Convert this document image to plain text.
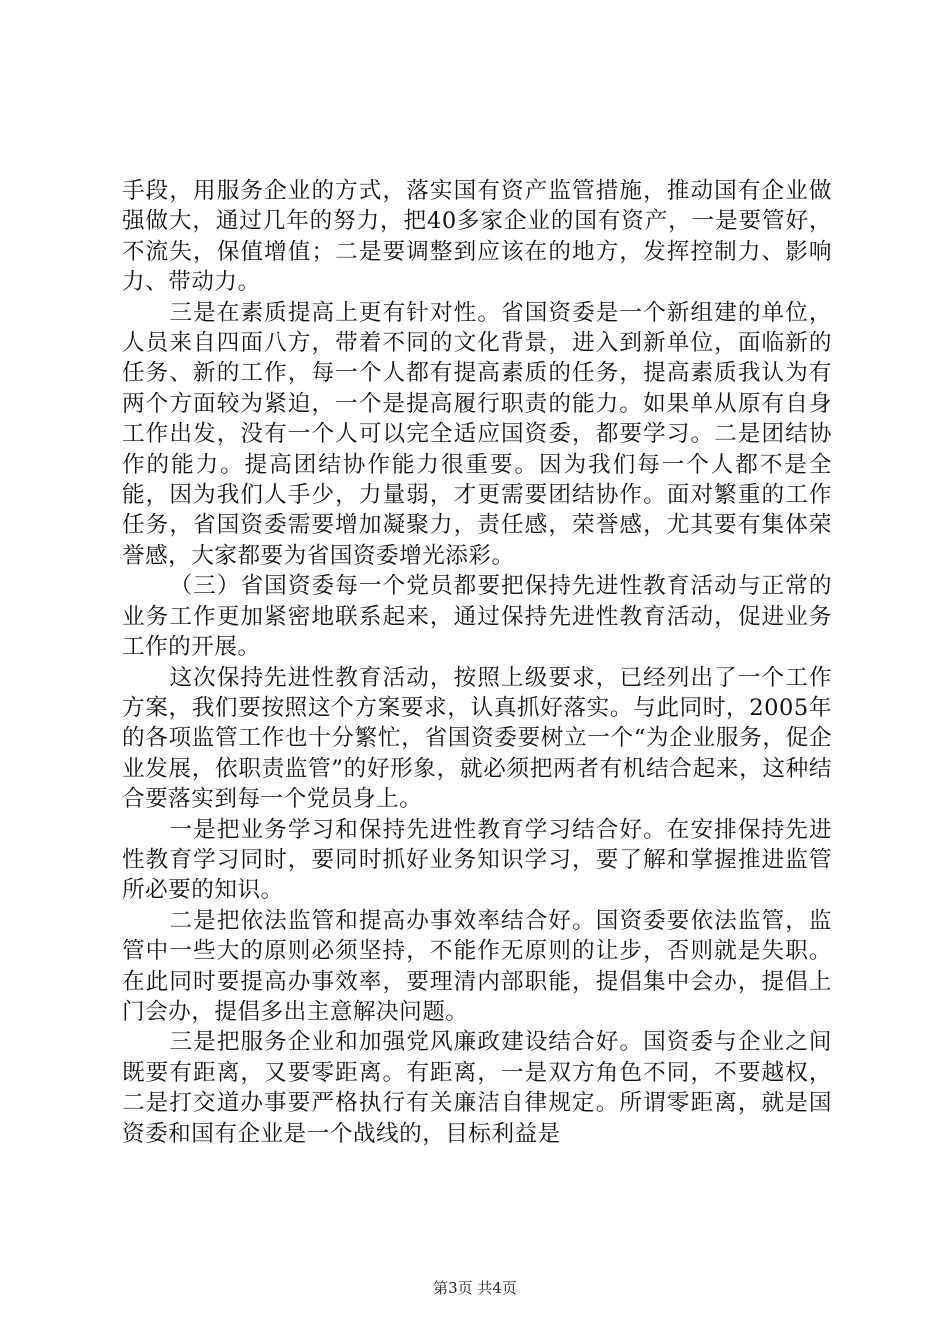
手段，用服务企业的方式，落实国有资产监管措施，推动国有企业做强做大，通过几年的努力，把40多家企业的国有资产，一是要管好，不流失，保值增值；二是要调整到应该在的地方，发挥控制力、影响力、带动力。

三是在素质提高上更有针对性。省国资委是一个新组建的单位，人员来自四面八方，带着不同的文化背景，进入到新单位，面临新的任务、新的工作，每一个人都有提高素质的任务，提高素质我认为有两个方面较为紧迫，一个是提高履行职责的能力。如果单从原有自身工作出发，没有一个人可以完全适应国资委，都要学习。二是团结协作的能力。提高团结协作能力很重要。因为我们每一个人都不是全能，因为我们人手少，力量弱，才更需要团结协作。面对繁重的工作任务，省国资委需要增加凝聚力，责任感，荣誉感，尤其要有集体荣誉感，大家都要为省国资委增光添彩。

（三）省国资委每一个党员都要把保持先进性教育活动与正常的业务工作更加紧密地联系起来，通过保持先进性教育活动，促进业务工作的开展。

这次保持先进性教育活动，按照上级要求，已经列出了一个工作方案，我们要按照这个方案要求，认真抓好落实。与此同时，2005年的各项监管工作也十分繁忙，省国资委要树立一个“为企业服务，促企业发展，依职责监管”的好形象，就必须把两者有机结合起来，这种结合要落实到每一个党员身上。

一是把业务学习和保持先进性教育学习结合好。在安排保持先进性教育学习同时，要同时抓好业务知识学习，要了解和掌握推进监管所必要的知识。

二是把依法监管和提高办事效率结合好。国资委要依法监管，监管中一些大的原则必须坚持，不能作无原则的让步，否则就是失职。在此同时要提高办事效率，要理清内部职能，提倡集中会办，提倡上门会办，提倡多出主意解决问题。

三是把服务企业和加强党风廉政建设结合好。国资委与企业之间既要有距离，又要零距离。有距离，一是双方角色不同，不要越权，二是打交道办事要严格执行有关廉洁自律规定。所谓零距离，就是国资委和国有企业是一个战线的，目标利益是

第3页 共4页
